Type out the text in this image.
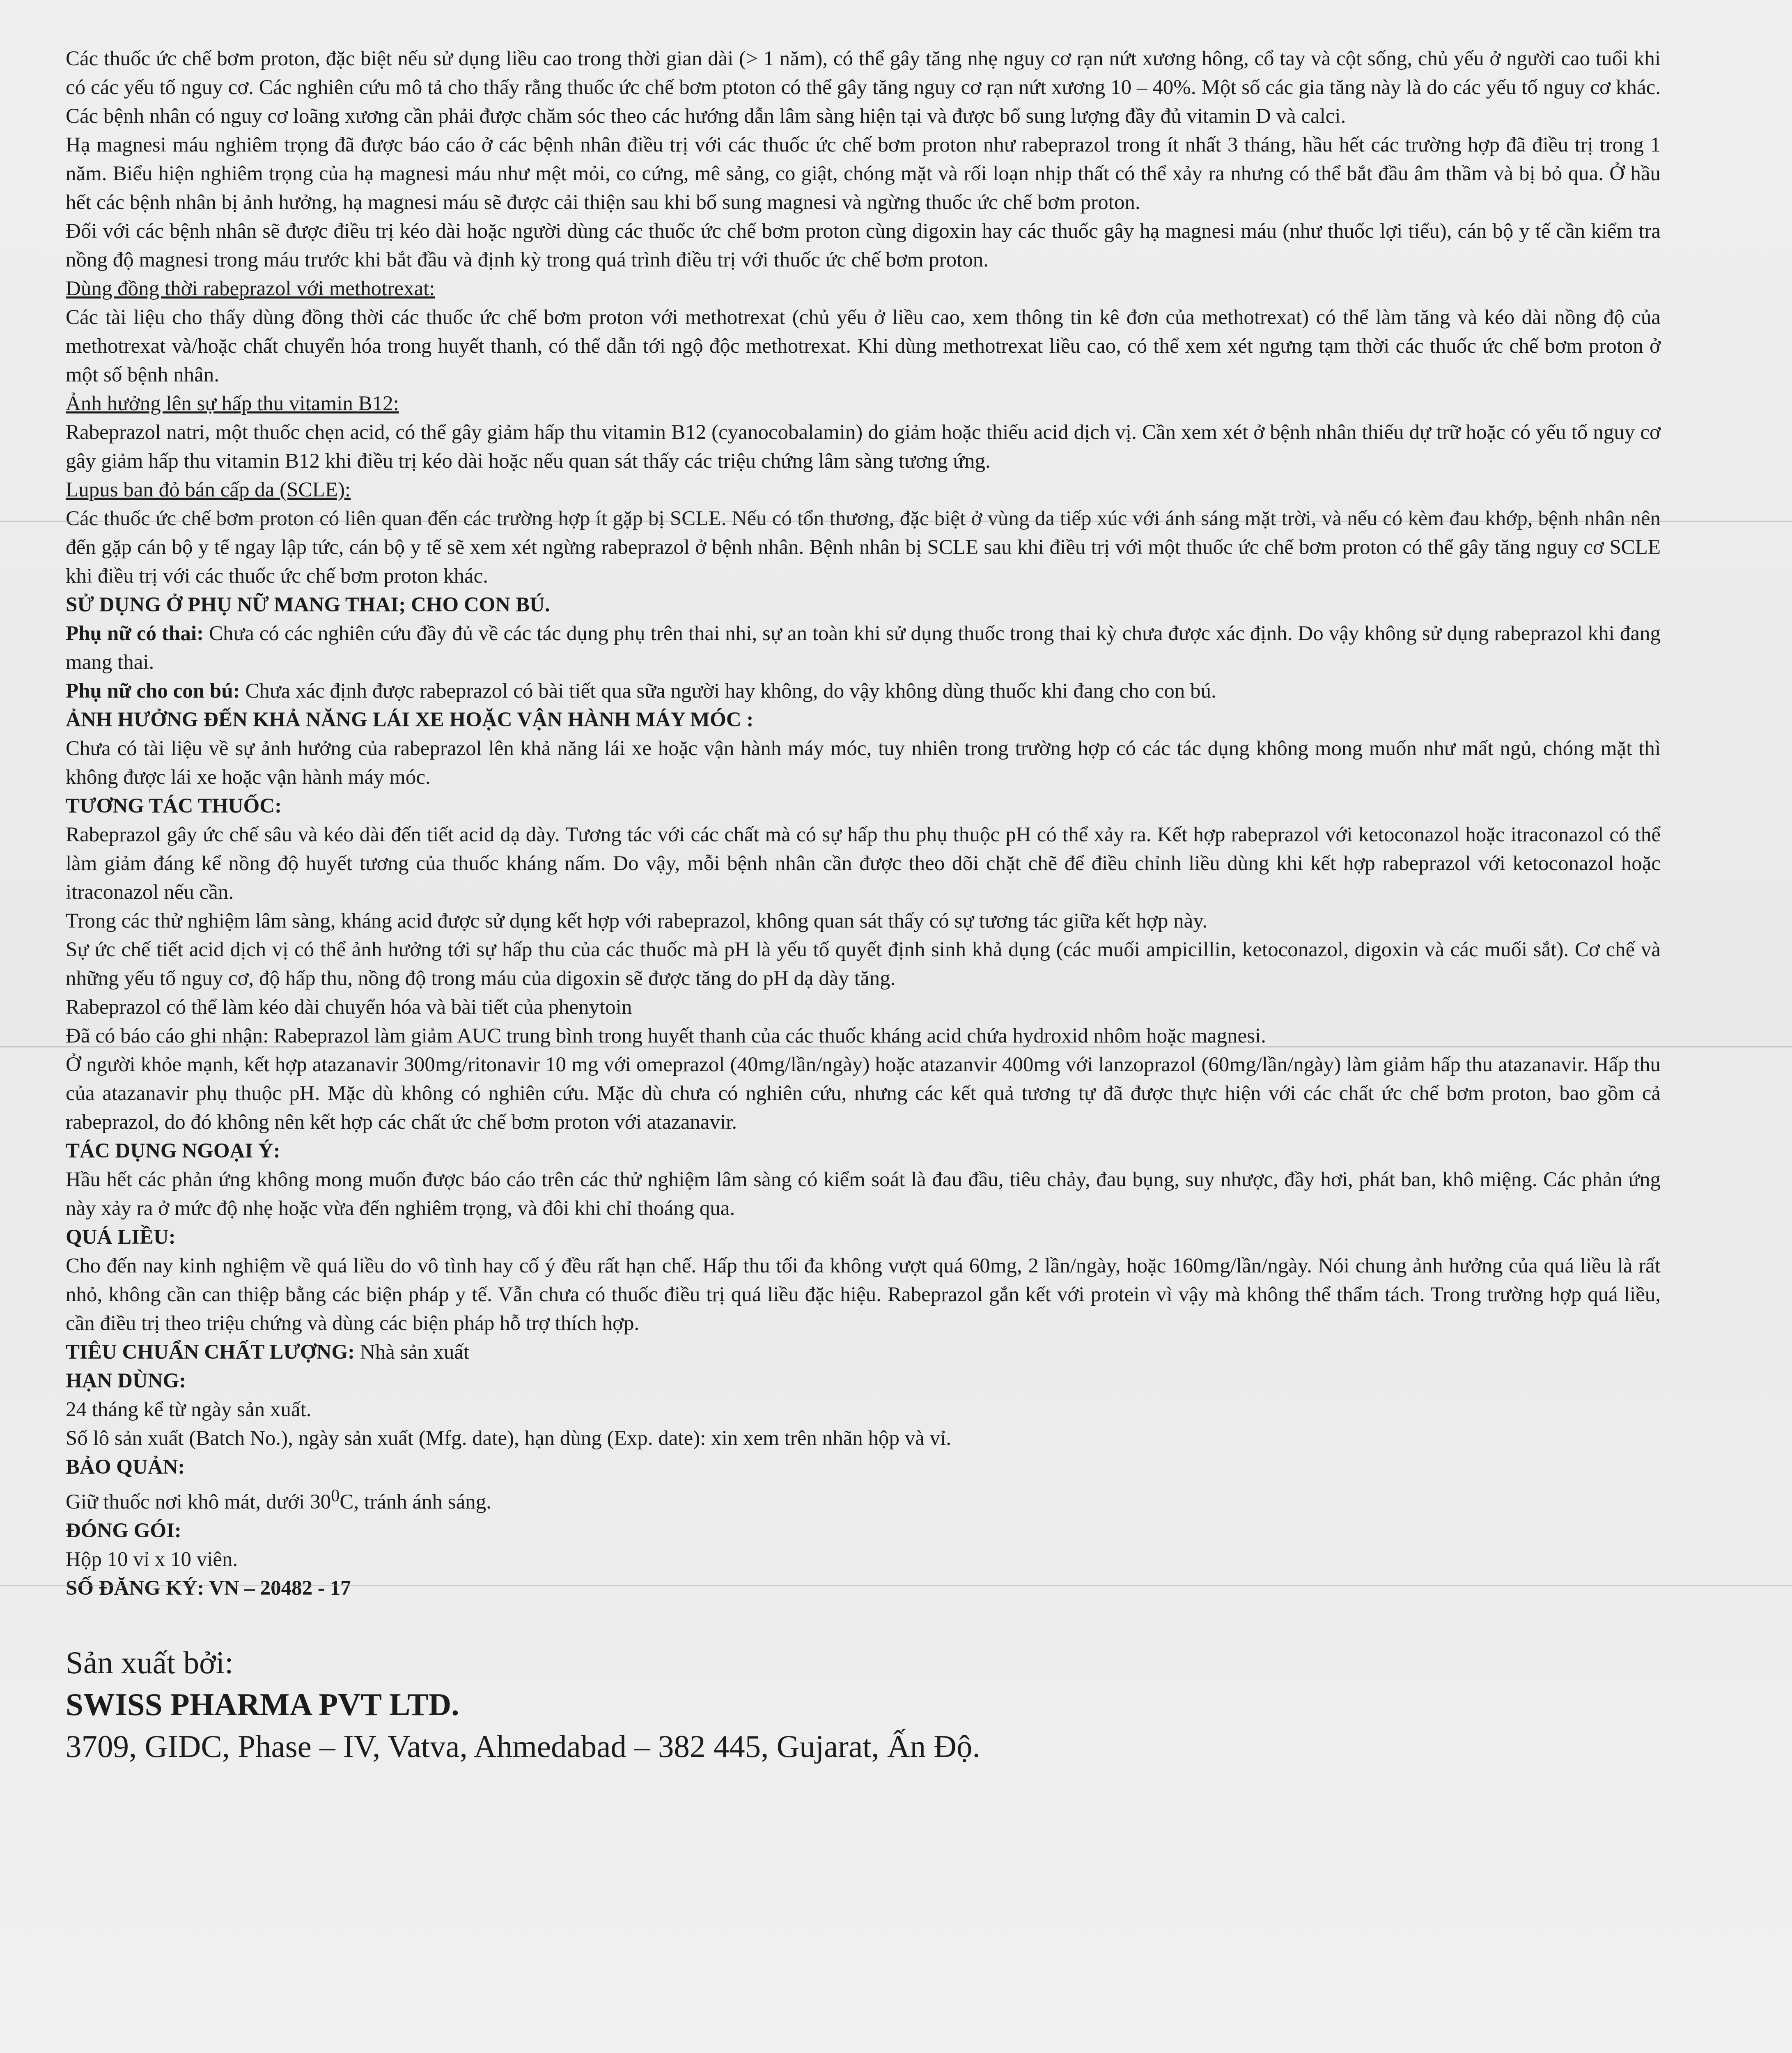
Các thuốc ức chế bơm proton, đặc biệt nếu sử dụng liều cao trong thời gian dài (> 1 năm), có thể gây tăng nhẹ nguy cơ rạn nứt xương hông, cổ tay và cột sống, chủ yếu ở người cao tuổi khi có các yếu tố nguy cơ. Các nghiên cứu mô tả cho thấy rằng thuốc ức chế bơm ptoton có thể gây tăng nguy cơ rạn nứt xương 10 – 40%. Một số các gia tăng này là do các yếu tố nguy cơ khác. Các bệnh nhân có nguy cơ loãng xương cần phải được chăm sóc theo các hướng dẫn lâm sàng hiện tại và được bổ sung lượng đầy đủ vitamin D và calci.

Hạ magnesi máu nghiêm trọng đã được báo cáo ở các bệnh nhân điều trị với các thuốc ức chế bơm proton như rabeprazol trong ít nhất 3 tháng, hầu hết các trường hợp đã điều trị trong 1 năm. Biểu hiện nghiêm trọng của hạ magnesi máu như mệt mỏi, co cứng, mê sảng, co giật, chóng mặt và rối loạn nhịp thất có thể xảy ra nhưng có thể bắt đầu âm thầm và bị bỏ qua. Ở hầu hết các bệnh nhân bị ảnh hưởng, hạ magnesi máu sẽ được cải thiện sau khi bổ sung magnesi và ngừng thuốc ức chế bơm proton.

Đối với các bệnh nhân sẽ được điều trị kéo dài hoặc người dùng các thuốc ức chế bơm proton cùng digoxin hay các thuốc gây hạ magnesi máu (như thuốc lợi tiểu), cán bộ y tế cần kiểm tra nồng độ magnesi trong máu trước khi bắt đầu và định kỳ trong quá trình điều trị với thuốc ức chế bơm proton.

Dùng đồng thời rabeprazol với methotrexat:

Các tài liệu cho thấy dùng đồng thời các thuốc ức chế bơm proton với methotrexat (chủ yếu ở liều cao, xem thông tin kê đơn của methotrexat) có thể làm tăng và kéo dài nồng độ của methotrexat và/hoặc chất chuyển hóa trong huyết thanh, có thể dẫn tới ngộ độc methotrexat. Khi dùng methotrexat liều cao, có thể xem xét ngưng tạm thời các thuốc ức chế bơm proton ở một số bệnh nhân.

Ảnh hưởng lên sự hấp thu vitamin B12:

Rabeprazol natri, một thuốc chẹn acid, có thể gây giảm hấp thu vitamin B12 (cyanocobalamin) do giảm hoặc thiếu acid dịch vị. Cần xem xét ở bệnh nhân thiếu dự trữ hoặc có yếu tố nguy cơ gây giảm hấp thu vitamin B12 khi điều trị kéo dài hoặc nếu quan sát thấy các triệu chứng lâm sàng tương ứng.

Lupus ban đỏ bán cấp da (SCLE):

Các thuốc ức chế bơm proton có liên quan đến các trường hợp ít gặp bị SCLE. Nếu có tổn thương, đặc biệt ở vùng da tiếp xúc với ánh sáng mặt trời, và nếu có kèm đau khớp, bệnh nhân nên đến gặp cán bộ y tế ngay lập tức, cán bộ y tế sẽ xem xét ngừng rabeprazol ở bệnh nhân. Bệnh nhân bị SCLE sau khi điều trị với một thuốc ức chế bơm proton có thể gây tăng nguy cơ SCLE khi điều trị với các thuốc ức chế bơm proton khác.

SỬ DỤNG Ở PHỤ NỮ MANG THAI; CHO CON BÚ.

Phụ nữ có thai: Chưa có các nghiên cứu đầy đủ về các tác dụng phụ trên thai nhi, sự an toàn khi sử dụng thuốc trong thai kỳ chưa được xác định. Do vậy không sử dụng rabeprazol khi đang mang thai.

Phụ nữ cho con bú: Chưa xác định được rabeprazol có bài tiết qua sữa người hay không, do vậy không dùng thuốc khi đang cho con bú.

ẢNH HƯỞNG ĐẾN KHẢ NĂNG LÁI XE HOẶC VẬN HÀNH MÁY MÓC :

Chưa có tài liệu về sự ảnh hưởng của rabeprazol lên khả năng lái xe hoặc vận hành máy móc, tuy nhiên trong trường hợp có các tác dụng không mong muốn như mất ngủ, chóng mặt thì không được lái xe hoặc vận hành máy móc.

TƯƠNG TÁC THUỐC:

Rabeprazol gây ức chế sâu và kéo dài đến tiết acid dạ dày. Tương tác với các chất mà có sự hấp thu phụ thuộc pH có thể xảy ra. Kết hợp rabeprazol với ketoconazol hoặc itraconazol có thể làm giảm đáng kể nồng độ huyết tương của thuốc kháng nấm. Do vậy, mỗi bệnh nhân cần được theo dõi chặt chẽ để điều chỉnh liều dùng khi kết hợp rabeprazol với ketoconazol hoặc itraconazol nếu cần.

Trong các thử nghiệm lâm sàng, kháng acid được sử dụng kết hợp với rabeprazol, không quan sát thấy có sự tương tác giữa kết hợp này.

Sự ức chế tiết acid dịch vị có thể ảnh hưởng tới sự hấp thu của các thuốc mà pH là yếu tố quyết định sinh khả dụng (các muối ampicillin, ketoconazol, digoxin và các muối sắt). Cơ chế và những yếu tố nguy cơ, độ hấp thu, nồng độ trong máu của digoxin sẽ được tăng do pH dạ dày tăng.

Rabeprazol có thể làm kéo dài chuyển hóa và bài tiết của phenytoin

Đã có báo cáo ghi nhận: Rabeprazol làm giảm AUC trung bình trong huyết thanh của các thuốc kháng acid chứa hydroxid nhôm hoặc magnesi.

Ở người khỏe mạnh, kết hợp atazanavir 300mg/ritonavir 10 mg với omeprazol (40mg/lần/ngày) hoặc atazanvir 400mg với lanzopraz​ol (60mg/lần/ngày) làm giảm hấp thu atazanavir. Hấp thu của atazanavir phụ thuộc pH. Mặc dù không có nghiên cứu. Mặc dù chưa có nghiên cứu, nhưng các kết quả tương tự đã được thực hiện với các chất ức chế bơm proton, bao gồm cả rabeprazol, do đó không nên kết hợp các chất ức chế bơm proton với atazanavir.

TÁC DỤNG NGOẠI Ý:

Hầu hết các phản ứng không mong muốn được báo cáo trên các thử nghiệm lâm sàng có kiểm soát là đau đầu, tiêu chảy, đau bụng, suy nhược, đầy hơi, phát ban, khô miệng. Các phản ứng này xảy ra ở mức độ nhẹ hoặc vừa đến nghiêm trọng, và đôi khi chỉ thoáng qua.

QUÁ LIỀU:

Cho đến nay kinh nghiệm về quá liều do vô tình hay cố ý đều rất hạn chế. Hấp thu tối đa không vượt quá 60mg, 2 lần/ngày, hoặc 160mg/lần/ngày. Nói chung ảnh hưởng của quá liều là rất nhỏ, không cần can thiệp bằng các biện pháp y tế. Vẫn chưa có thuốc điều trị quá liều đặc hiệu. Rabeprazol gắn kết với protein vì vậy mà không thể thẩm tách. Trong trường hợp quá liều, cần điều trị theo triệu chứng và dùng các biện pháp hỗ trợ thích hợp.

TIÊU CHUẨN CHẤT LƯỢNG: Nhà sản xuất

HẠN DÙNG:

24 tháng kể từ ngày sản xuất.

Số lô sản xuất (Batch No.), ngày sản xuất (Mfg. date), hạn dùng (Exp. date): xin xem trên nhãn hộp và vỉ.

BẢO QUẢN:

Giữ thuốc nơi khô mát, dưới $30^0C$, tránh ánh sáng.

ĐÓNG GÓI:

Hộp 10 vỉ x 10 viên.

SỐ ĐĂNG KÝ: VN – 20482 - 17

Sản xuất bởi:
SWISS PHARMA PVT LTD.
3709, GIDC, Phase – IV, Vatva, Ahmedabad – 382 445, Gujarat, Ấn Độ.
